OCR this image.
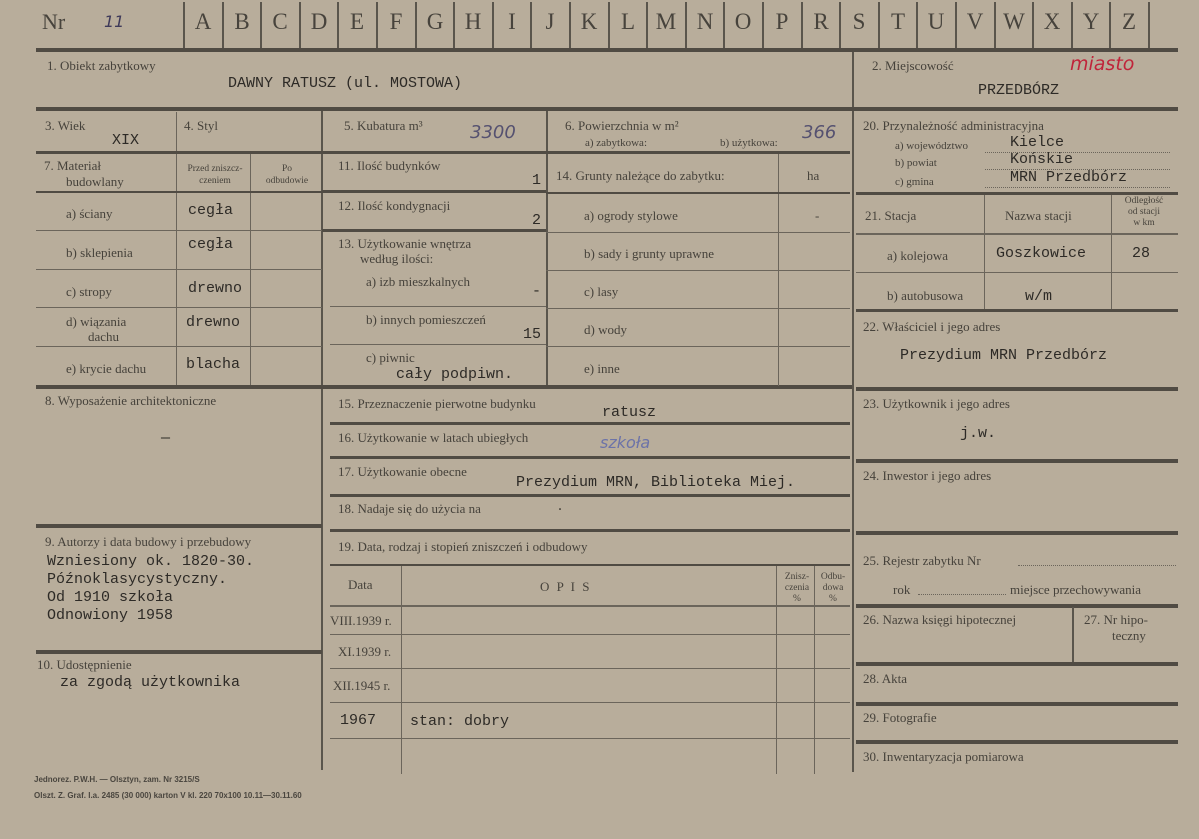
Nr 11	A	B C	D E	F	G H	I	J	K	L M N O	P	R	S	T U V W X Y Z
1. Obiekt zabytkowy
DAWNY RATUSZ (ul. MOSTOWA)
2. Miejscowość	miasto
PRZEDBÓRZ
3. Wiek
XIX
4. Styl
7. Materiał
budowlany
Przed zniszcz-
czeniem
Po
odbudowie
a) ściany	cegła
b) sklepienia	cegła
c) stropy	drewno
d) wiązania
dachu
drewno
e) krycie dachu	blacha
8. Wyposażenie architektoniczne
—
9. Autorzy i data budowy i przebudowy
Wzniesiony ok. 1820-30.
Późnoklasycystyczny.
Od 1910 szkoła
Odnowiony 1958
10. Udostępnienie
za zgodą użytkownika
5. Kubatura m³	3300
11. Ilość budynków
1
12. Ilość kondygnacji
2
13. Użytkowanie wnętrza
według ilości:
a) izb mieszkalnych
-
b) innych pomieszczeń
15
c) piwnic
cały podpiwn.
6. Powierzchnia w m²
a) zabytkowa:	b) użytkowa: 366
14. Grunty należące do zabytku:	ha
a) ogrody stylowe	-
b) sady i grunty uprawne
c) lasy
d) wody
e) inne
15. Przeznaczenie pierwotne budynku
ratusz
16. Użytkowanie w latach ubiegłych	szkoła
17. Użytkowanie obecne
Prezydium MRN, Biblioteka Miej.
18. Nadaje się do użycia na	.
19. Data, rodzaj i stopień zniszczeń i odbudowy
Data	O P I S
Znisz-
czenia
%
Odbu-
dowa
%
VIII.1939 r.
XI.1939 r.
XII.1945 r.
1967 stan: dobry
20. Przynależność administracyjna
a) województwo	Kielce
b) powiat	Końskie
c) gmina	MRN Przedbórz
21. Stacja	Nazwa stacji
Odległość
od stacji
w km
a) kolejowa	Goszkowice	28
b) autobusowa	w/m
22. Właściciel i jego adres
Prezydium MRN Przedbórz
23. Użytkownik i jego adres
j.w.
24. Inwestor i jego adres
25. Rejestr zabytku Nr
rok	miejsce przechowywania
26. Nazwa księgi hipotecznej	27. Nr hipo-
teczny
28. Akta
29. Fotografie
30. Inwentaryzacja pomiarowa
Jednorez. P.W.H. — Olsztyn, zam. Nr 3215/S
Olszt. Z. Graf. I.a. 2485 (30 000) karton V kl. 220 70x100 10.11—30.11.60
